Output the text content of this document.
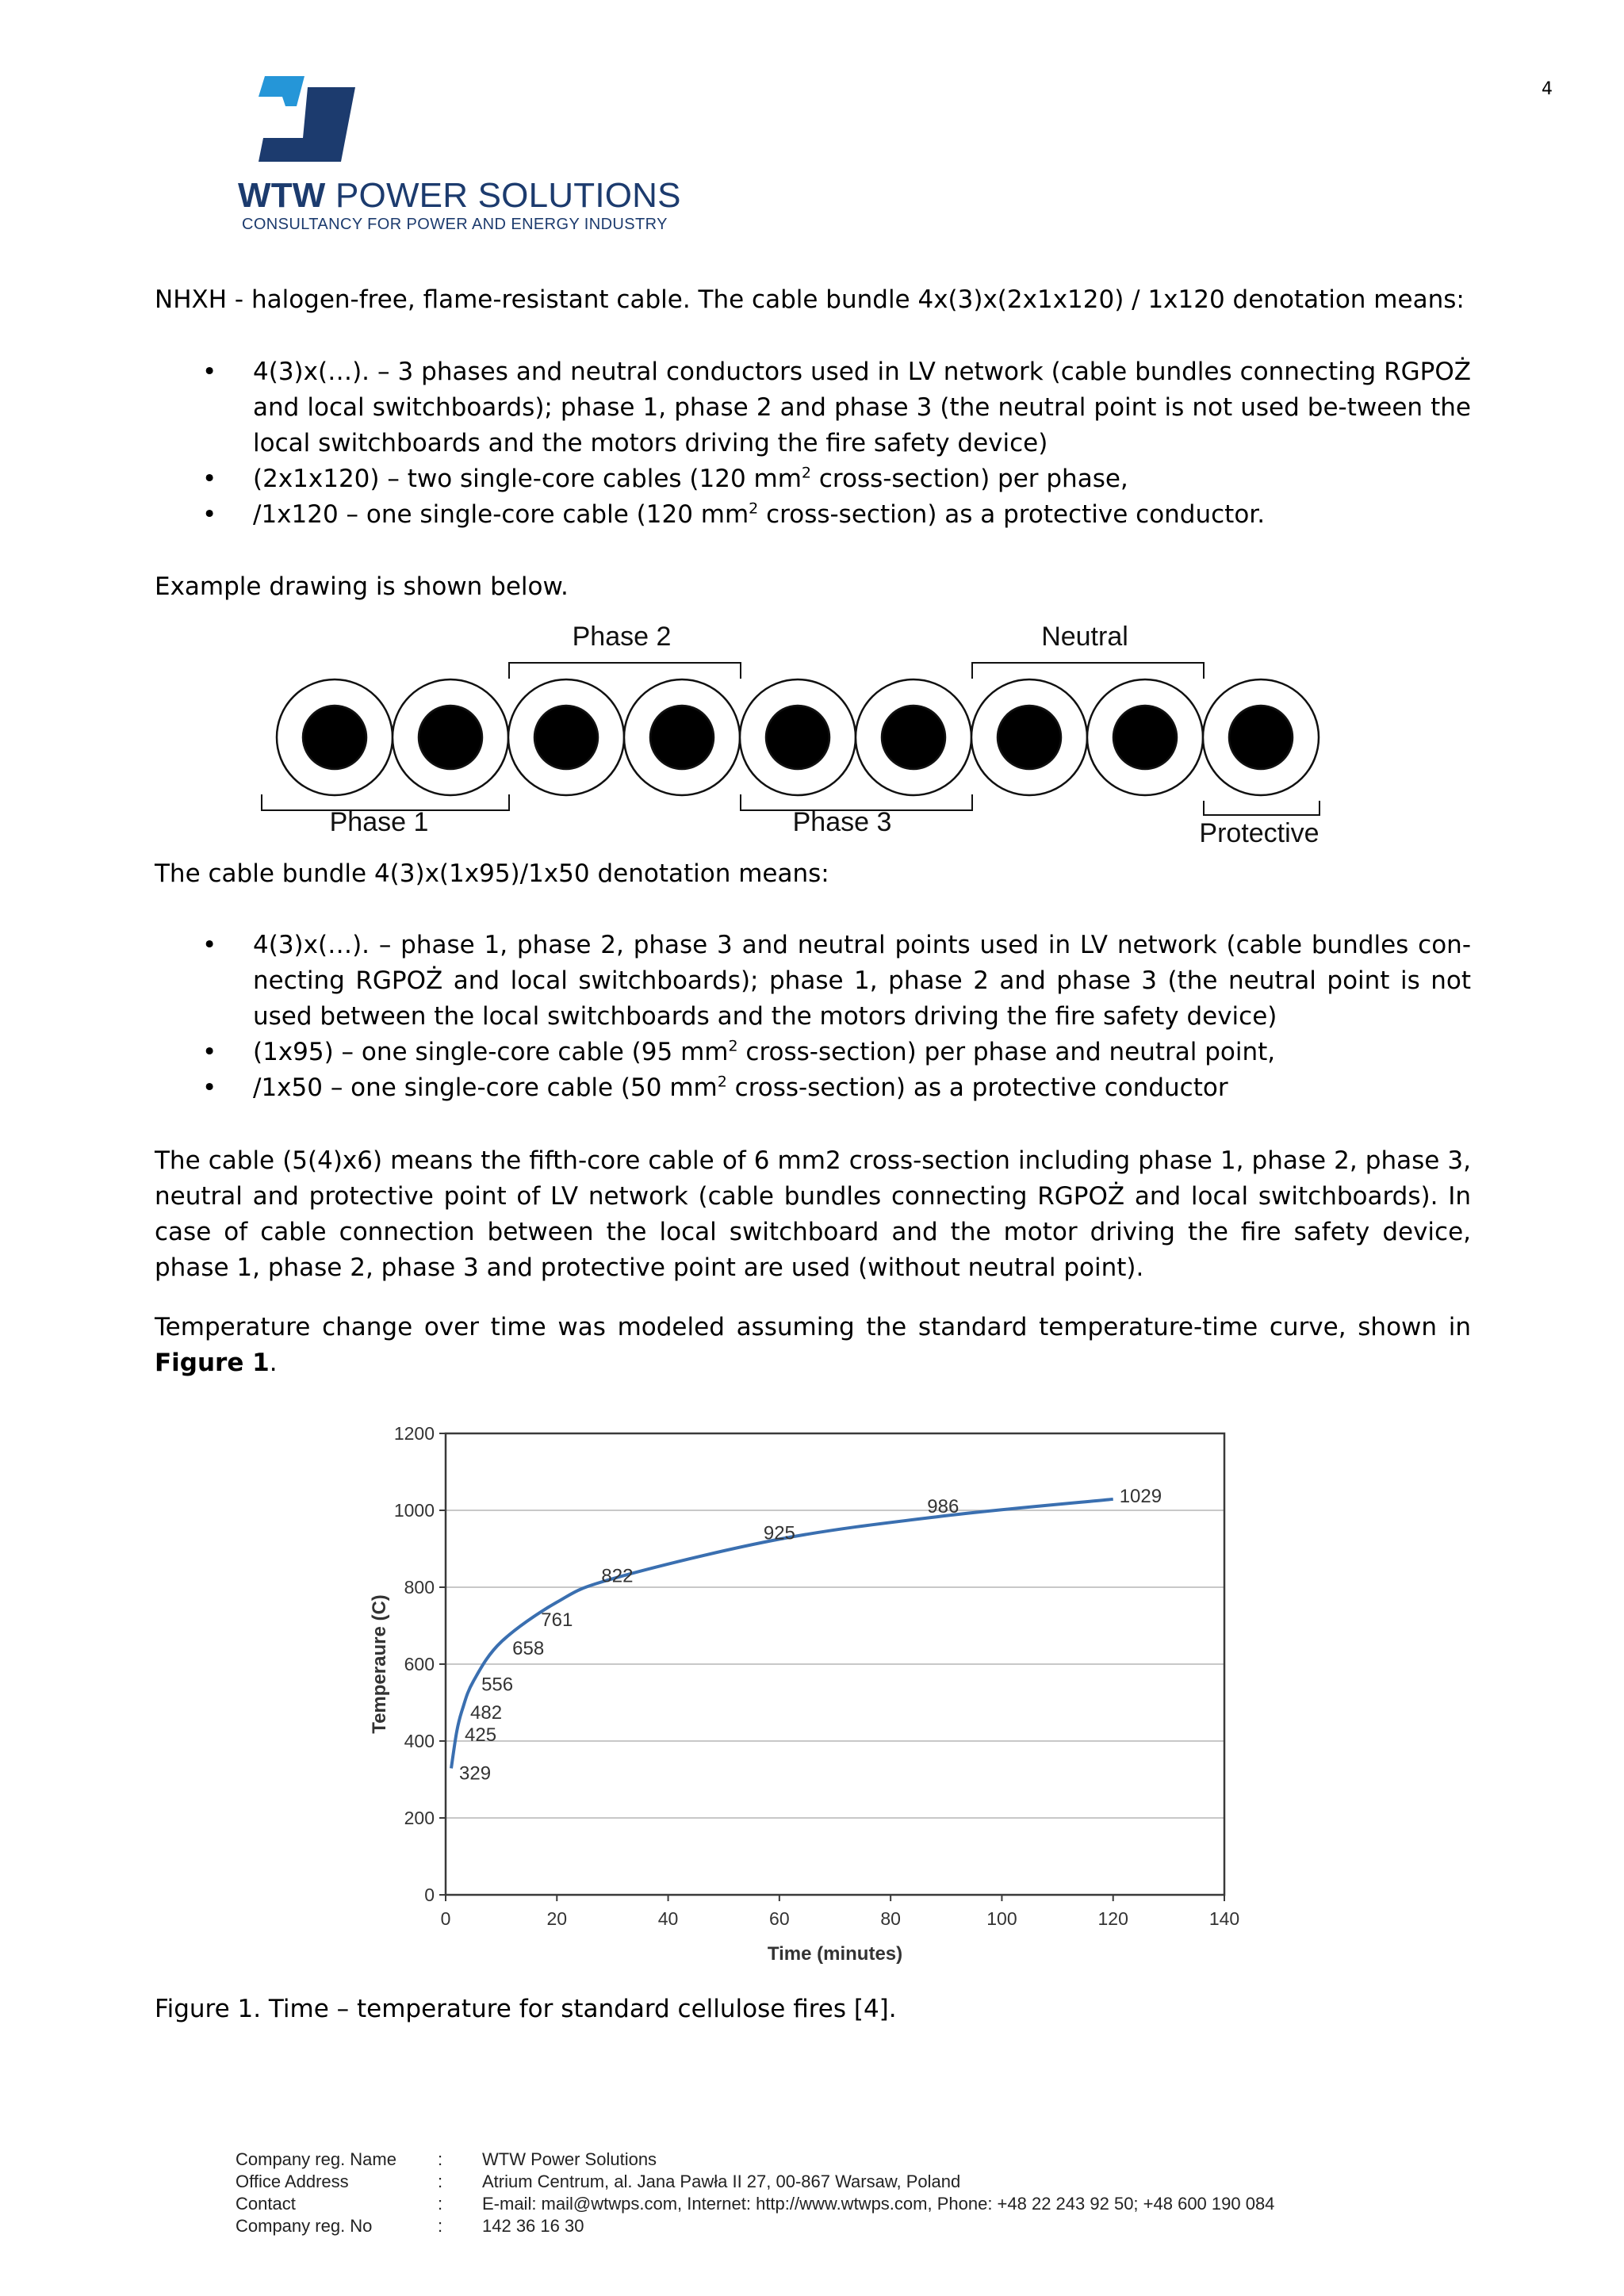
4
WTW POWER SOLUTIONS
CONSULTANCY FOR POWER AND ENERGY INDUSTRY
NHXH - halogen-free, flame-resistant cable. The cable bundle 4x(3)x(2x1x120) / 1x120 denotation means:
• 4(3)x(…). – 3 phases and neutral conductors used in LV network (cable bundles connecting RGPOŻ and local switchboards); phase 1, phase 2 and phase 3 (the neutral point is not used be-tween the local switchboards and the motors driving the fire safety device)
• (2x1x120) – two single-core cables (120 $mm^2$ cross-section) per phase,
• /1x120 – one single-core cable (120 $mm^2$ cross-section) as a protective conductor.
Example drawing is shown below.
Phase 2	Neutral
Phase 1	Phase 3	Protective
The cable bundle 4(3)x(1x95)/1x50 denotation means:
• 4(3)x(…). – phase 1, phase 2, phase 3 and neutral points used in LV network (cable bundles con-necting RGPOŻ and local switchboards); phase 1, phase 2 and phase 3 (the neutral point is not used between the local switchboards and the motors driving the fire safety device)
• (1x95) – one single-core cable (95 $mm^2$ cross-section) per phase and neutral point,
• /1x50 – one single-core cable (50 $mm^2$ cross-section) as a protective conductor
The cable (5(4)x6) means the fifth-core cable of 6 mm2 cross-section including phase 1, phase 2, phase 3, neutral and protective point of LV network (cable bundles connecting RGPOŻ and local switchboards). In case of cable connection between the local switchboard and the motor driving the fire safety device, phase 1, phase 2, phase 3 and protective point are used (without neutral point).
Temperature change over time was modeled assuming the standard temperature-time curve, shown in Figure 1.
0
200
400
600
800
1000
1200
0	20	40	60	80	100	120	140
Time (minutes)
Temperaure (C)
329
425
482
556
658
761
822
925
986	1029
Figure 1. Time – temperature for standard cellulose fires [4].
Company reg. Name	:	WTW Power Solutions
Office Address	:	Atrium Centrum, al. Jana Pawła II 27, 00-867 Warsaw, Poland
Contact	:	E-mail: mail@wtwps.com, Internet: http://www.wtwps.com, Phone: +48 22 243 92 50; +48 600 190 084
Company reg. No	:	142 36 16 30
